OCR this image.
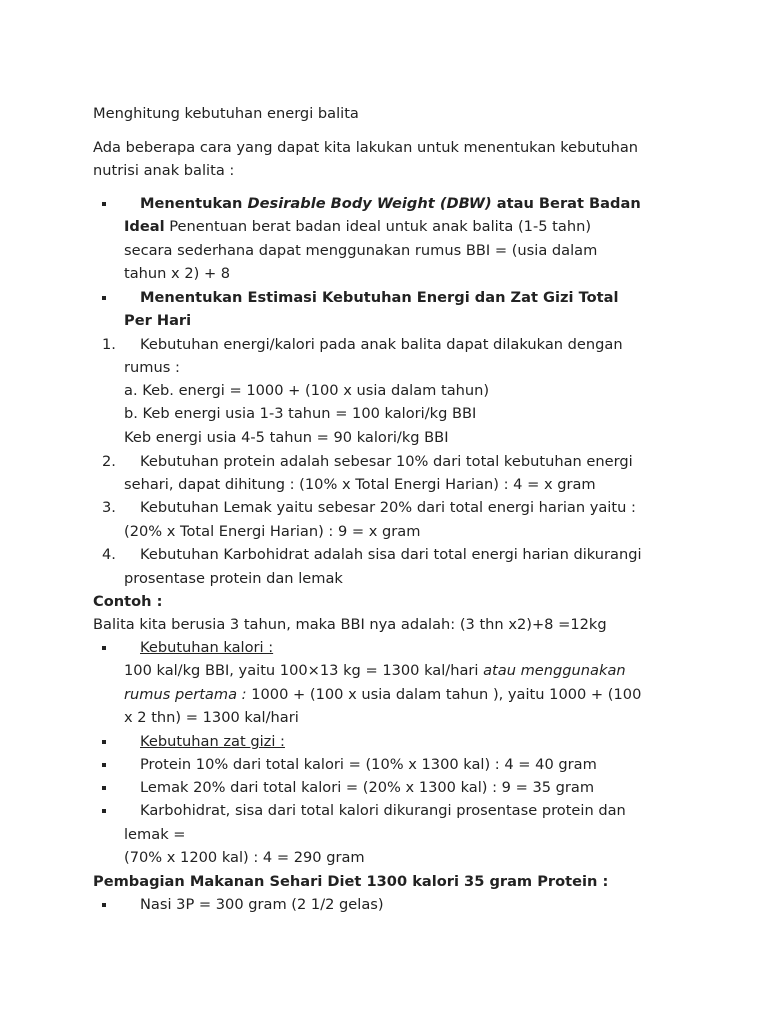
Menghitung kebutuhan energi balita
Ada beberapa cara yang dapat kita lakukan untuk menentukan kebutuhan
nutrisi anak balita :
Menentukan Desirable Body Weight (DBW) atau Berat Badan
Ideal Penentuan berat badan ideal untuk anak balita (1-5 tahn)
secara sederhana dapat menggunakan rumus BBI = (usia dalam
tahun x 2) + 8
Menentukan Estimasi Kebutuhan Energi dan Zat Gizi Total
Per Hari
1. Kebutuhan energi/kalori pada anak balita dapat dilakukan dengan
rumus :
a. Keb. energi = 1000 + (100 x usia dalam tahun)
b. Keb energi usia 1-3 tahun = 100 kalori/kg BBI
Keb energi usia 4-5 tahun = 90 kalori/kg BBI
2. Kebutuhan protein adalah sebesar 10% dari total kebutuhan energi
sehari, dapat dihitung : (10% x Total Energi Harian) : 4 = x gram
3. Kebutuhan Lemak yaitu sebesar 20% dari total energi harian yaitu :
(20% x Total Energi Harian) : 9 = x gram
4. Kebutuhan Karbohidrat adalah sisa dari total energi harian dikurangi
prosentase protein dan lemak
Contoh :
Balita kita berusia 3 tahun, maka BBI nya adalah: (3 thn x2)+8 =12kg
Kebutuhan kalori :
100 kal/kg BBI, yaitu 100×13 kg = 1300 kal/hari atau menggunakan
rumus pertama : 1000 + (100 x usia dalam tahun ), yaitu 1000 + (100
x 2 thn) = 1300 kal/hari
Kebutuhan zat gizi :
Protein 10% dari total kalori = (10% x 1300 kal) : 4 = 40 gram
Lemak 20% dari total kalori = (20% x 1300 kal) : 9 = 35 gram
Karbohidrat, sisa dari total kalori dikurangi prosentase protein dan
lemak =
(70% x 1200 kal) : 4 = 290 gram
Pembagian Makanan Sehari Diet 1300 kalori 35 gram Protein :
Nasi 3P = 300 gram (2 1/2 gelas)
